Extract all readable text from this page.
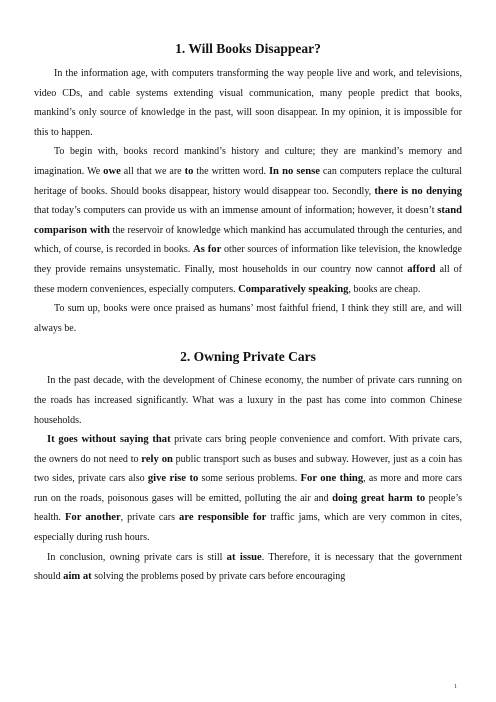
1. Will Books Disappear?

In the information age, with computers transforming the way people live and work, and televisions, video CDs, and cable systems extending visual communication, many people predict that books, mankind’s only source of knowledge in the past, will soon disappear. In my opinion, it is impossible for this to happen.

To begin with, books record mankind’s history and culture; they are mankind’s memory and imagination. We owe all that we are to the written word. In no sense can computers replace the cultural heritage of books. Should books disappear, history would disappear too. Secondly, there is no denying that today’s computers can provide us with an immense amount of information; however, it doesn’t stand comparison with the reservoir of knowledge which mankind has accumulated through the centuries, and which, of course, is recorded in books. As for other sources of information like television, the knowledge they provide remains unsystematic. Finally, most households in our country now cannot afford all of these modern conveniences, especially computers. Comparatively speaking, books are cheap.

To sum up, books were once praised as humans’ most faithful friend, I think they still are, and will always be.

2. Owning Private Cars

In the past decade, with the development of Chinese economy, the number of private cars running on the roads has increased significantly. What was a luxury in the past has come into common Chinese households.

It goes without saying that private cars bring people convenience and comfort. With private cars, the owners do not need to rely on public transport such as buses and subway. However, just as a coin has two sides, private cars also give rise to some serious problems. For one thing, as more and more cars run on the roads, poisonous gases will be emitted, polluting the air and doing great harm to people’s health. For another, private cars are responsible for traffic jams, which are very common in cites, especially during rush hours.

In conclusion, owning private cars is still at issue. Therefore, it is necessary that the government should aim at solving the problems posed by private cars before encouraging

1
